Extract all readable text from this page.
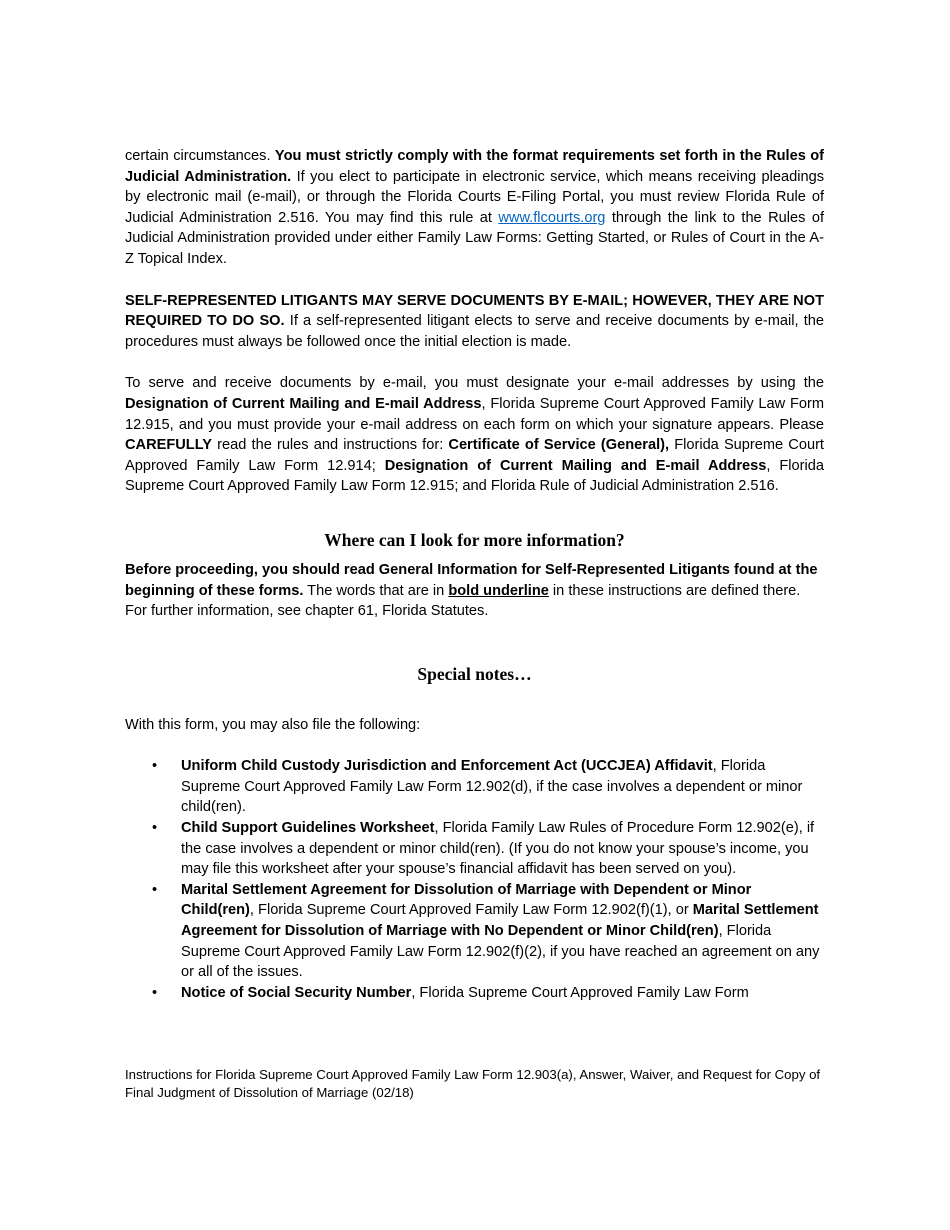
certain circumstances. You must strictly comply with the format requirements set forth in the Rules of Judicial Administration. If you elect to participate in electronic service, which means receiving pleadings by electronic mail (e-mail), or through the Florida Courts E-Filing Portal, you must review Florida Rule of Judicial Administration 2.516. You may find this rule at www.flcourts.org through the link to the Rules of Judicial Administration provided under either Family Law Forms: Getting Started, or Rules of Court in the A-Z Topical Index.

SELF-REPRESENTED LITIGANTS MAY SERVE DOCUMENTS BY E-MAIL; HOWEVER, THEY ARE NOT REQUIRED TO DO SO. If a self-represented litigant elects to serve and receive documents by e-mail, the procedures must always be followed once the initial election is made.

To serve and receive documents by e-mail, you must designate your e-mail addresses by using the Designation of Current Mailing and E-mail Address, Florida Supreme Court Approved Family Law Form 12.915, and you must provide your e-mail address on each form on which your signature appears. Please CAREFULLY read the rules and instructions for: Certificate of Service (General), Florida Supreme Court Approved Family Law Form 12.914; Designation of Current Mailing and E-mail Address, Florida Supreme Court Approved Family Law Form 12.915; and Florida Rule of Judicial Administration 2.516.

Where can I look for more information?

Before proceeding, you should read General Information for Self-Represented Litigants found at the beginning of these forms. The words that are in bold underline in these instructions are defined there. For further information, see chapter 61, Florida Statutes.

Special notes…

With this form, you may also file the following:

• Uniform Child Custody Jurisdiction and Enforcement Act (UCCJEA) Affidavit, Florida Supreme Court Approved Family Law Form 12.902(d), if the case involves a dependent or minor child(ren).
• Child Support Guidelines Worksheet, Florida Family Law Rules of Procedure Form 12.902(e), if the case involves a dependent or minor child(ren). (If you do not know your spouse’s income, you may file this worksheet after your spouse’s financial affidavit has been served on you).
• Marital Settlement Agreement for Dissolution of Marriage with Dependent or Minor Child(ren), Florida Supreme Court Approved Family Law Form 12.902(f)(1), or Marital Settlement Agreement for Dissolution of Marriage with No Dependent or Minor Child(ren), Florida Supreme Court Approved Family Law Form 12.902(f)(2), if you have reached an agreement on any or all of the issues.
• Notice of Social Security Number, Florida Supreme Court Approved Family Law Form
Instructions for Florida Supreme Court Approved Family Law Form 12.903(a), Answer, Waiver, and Request for Copy of Final Judgment of Dissolution of Marriage (02/18)
